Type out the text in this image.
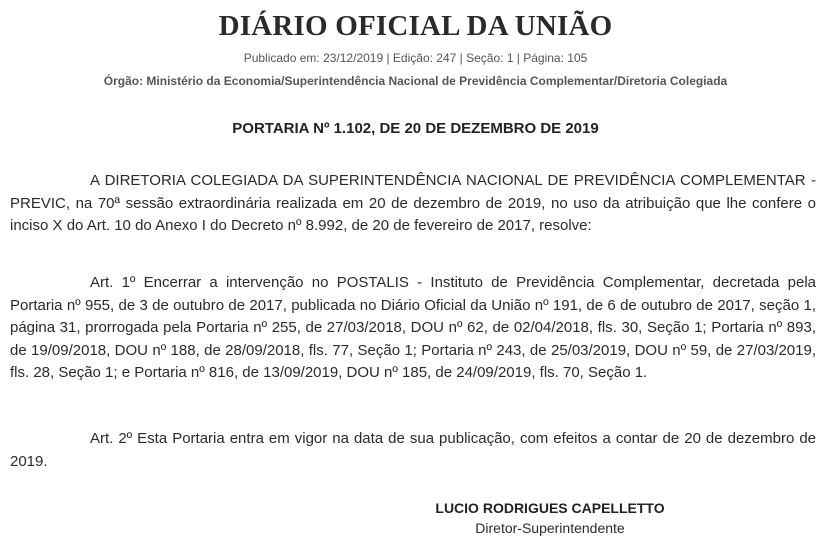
DIÁRIO OFICIAL DA UNIÃO
Publicado em: 23/12/2019 | Edição: 247 | Seção: 1 | Página: 105
Órgão: Ministério da Economia/Superintendência Nacional de Previdência Complementar/Diretoria Colegiada
PORTARIA Nº 1.102, DE 20 DE DEZEMBRO DE 2019

A DIRETORIA COLEGIADA DA SUPERINTENDÊNCIA NACIONAL DE PREVIDÊNCIA COMPLEMENTAR - PREVIC, na 70ª sessão extraordinária realizada em 20 de dezembro de 2019, no uso da atribuição que lhe confere o inciso X do Art. 10 do Anexo I do Decreto nº 8.992, de 20 de fevereiro de 2017, resolve:

Art. 1º Encerrar a intervenção no POSTALIS - Instituto de Previdência Complementar, decretada pela Portaria nº 955, de 3 de outubro de 2017, publicada no Diário Oficial da União nº 191, de 6 de outubro de 2017, seção 1, página 31, prorrogada pela Portaria nº 255, de 27/03/2018, DOU nº 62, de 02/04/2018, fls. 30, Seção 1; Portaria nº 893, de 19/09/2018, DOU nº 188, de 28/09/2018, fls. 77, Seção 1; Portaria nº 243, de 25/03/2019, DOU nº 59, de 27/03/2019, fls. 28, Seção 1; e Portaria nº 816, de 13/09/2019, DOU nº 185, de 24/09/2019, fls. 70, Seção 1.

Art. 2º Esta Portaria entra em vigor na data de sua publicação, com efeitos a contar de 20 de dezembro de 2019.

LUCIO RODRIGUES CAPELLETTO
Diretor-Superintendente
